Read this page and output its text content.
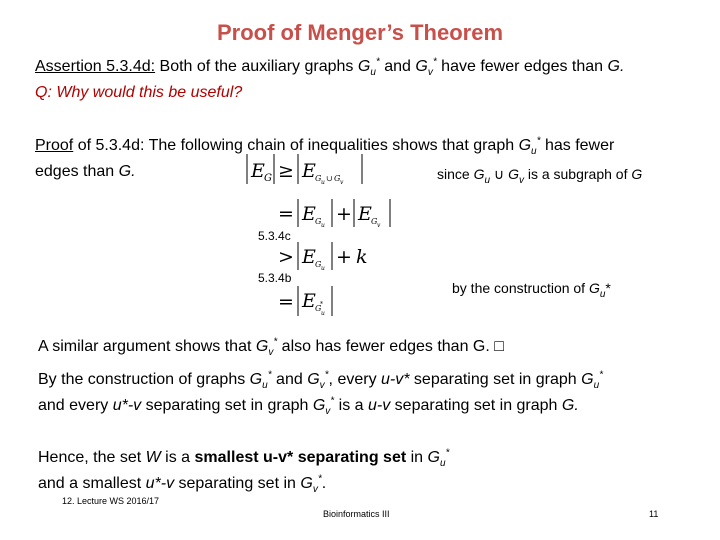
Proof of Menger’s Theorem
Assertion 5.3.4d: Both of the auxiliary graphs $G_u^*$ and $G_v^*$ have fewer edges than G.
Q: Why would this be useful?
Proof of 5.3.4d: The following chain of inequalities shows that graph $G_u^*$ has fewer
edges than G.	E G ≥ E G u ∪ G v
= E G u
+ E G v
> E G u
+ k
= E G
*
u
since $G_u$ ∪ $G_v$ is a subgraph of G
by the construction of $G_u*$
5.3.4c
5.3.4b
A similar argument shows that $G_v^*$ also has fewer edges than G. □
By the construction of graphs $G_u^*$ and $G_v^*$, every u-v* separating set in graph $G_u^*$
and every u*-v separating set in graph $G_v^*$ is a u-v separating set in graph G.
Hence, the set W is a smallest u-v* separating set in $G_u^*$
and a smallest u*-v separating set in $G_v^*$.
12. Lecture WS 2016/17
Bioinformatics III	11
